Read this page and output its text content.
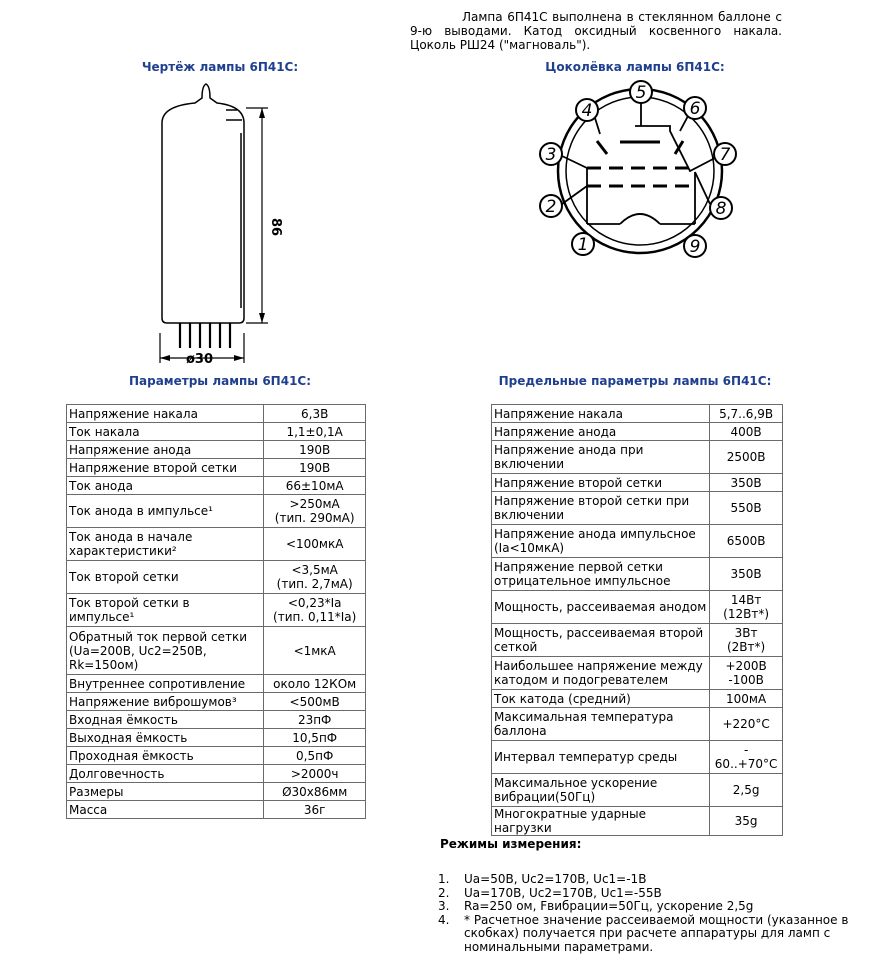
Лампа 6П41С выполнена в стеклянном баллоне с 9-ю выводами. Катод оксидный косвенного накала. Цоколь РШ24 ("магноваль").

Чертёж лампы 6П41С:	Цоколёвка лампы 6П41С:
86
ø30
1
2
3
4
5
6
7
8
9
Параметры лампы 6П41С:	Предельные параметры лампы 6П41С:
Напряжение накала	6,3В
Ток накала	1,1±0,1А
Напряжение анода	190В
Напряжение второй сетки	190В
Ток анода	66±10мА
Ток анода в импульсе¹	>250мА
(тип. 290мА)
Ток анода в начале
характеристики²	<100мкА
Ток второй сетки	<3,5мА
(тип. 2,7мА)
Ток второй сетки в
импульсе¹	<0,23*Ia
(тип. 0,11*Ia)
Обратный ток первой сетки
(Ua=200В, Uc2=250В,
Rk=150ом)	<1мкА
Внутреннее сопротивление	около 12КОм
Напряжение виброшумов³	<500мВ
Входная ёмкость	23пФ
Выходная ёмкость	10,5пФ
Проходная ёмкость	0,5пФ
Долговечность	>2000ч
Размеры	Ø30х86мм
Масса	36г
Напряжение накала	5,7..6,9В
Напряжение анода	400В
Напряжение анода при
включении	2500В
Напряжение второй сетки	350В
Напряжение второй сетки при
включении	550В
Напряжение анода импульсное
(Ia<10мкА)	6500В
Напряжение первой сетки
отрицательное импульсное	350В
Мощность, рассеиваемая анодом	14Вт
(12Вт*)
Мощность, рассеиваемая второй
сеткой	3Вт
(2Вт*)
Наибольшее напряжение между
катодом и подогревателем	+200В
-100В
Ток катода (средний)	100мА
Максимальная температура
баллона	+220°С
Интервал температур среды	-
60..+70°С
Максимальное ускорение
вибрации(50Гц)	2,5g
Многократные ударные нагрузки	35g
Режимы измерения:
1. Ua=50В, Uc2=170В, Uc1=-1В
2. Ua=170В, Uc2=170В, Uc1=-55В
3. Ra=250 ом, Fвибрации=50Гц, ускорение 2,5g
4. * Расчетное значение рассеиваемой мощности (указанное в скобках) получается при расчете аппаратуры для ламп с номинальными параметрами.
